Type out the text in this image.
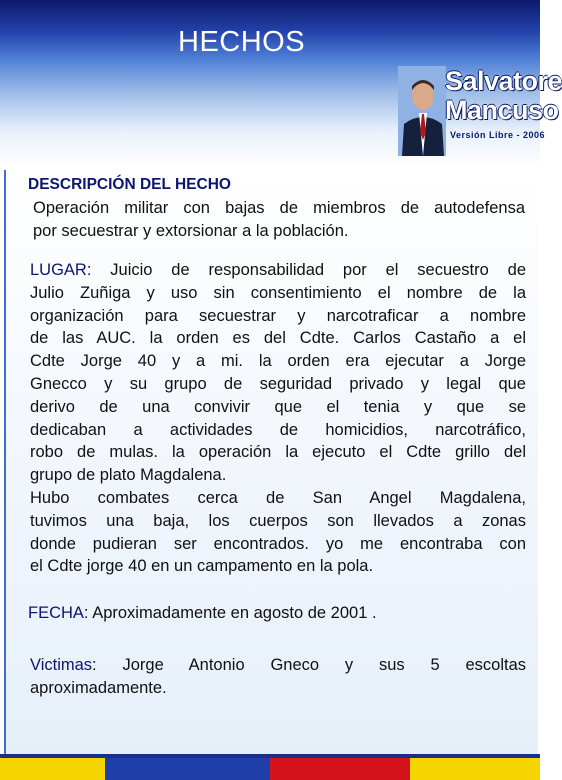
HECHOS
Salvatore
Mancuso
Versión Libre - 2006
DESCRIPCIÓN DEL HECHO
Operación militar con bajas de miembros de autodefensa
por secuestrar y extorsionar a la población.
LUGAR: Juicio de responsabilidad por el secuestro de
Julio Zuñiga y uso sin consentimiento el nombre de la
organización para secuestrar y narcotraficar a nombre
de las AUC. la orden es del Cdte. Carlos Castaño a el
Cdte Jorge 40 y a mi. la orden era ejecutar a Jorge
Gnecco y su grupo de seguridad privado y legal que
derivo de una convivir que el tenia y que se
dedicaban a actividades de homicidios, narcotráfico,
robo de mulas. la operación la ejecuto el Cdte grillo del
grupo de plato Magdalena.
Hubo combates cerca de San Angel Magdalena,
tuvimos una baja, los cuerpos son llevados a zonas
donde pudieran ser encontrados. yo me encontraba con
el Cdte jorge 40 en un campamento en la pola.
FECHA: Aproximadamente en agosto de 2001 .
Victimas: Jorge Antonio Gneco y sus 5 escoltas
aproximadamente.
